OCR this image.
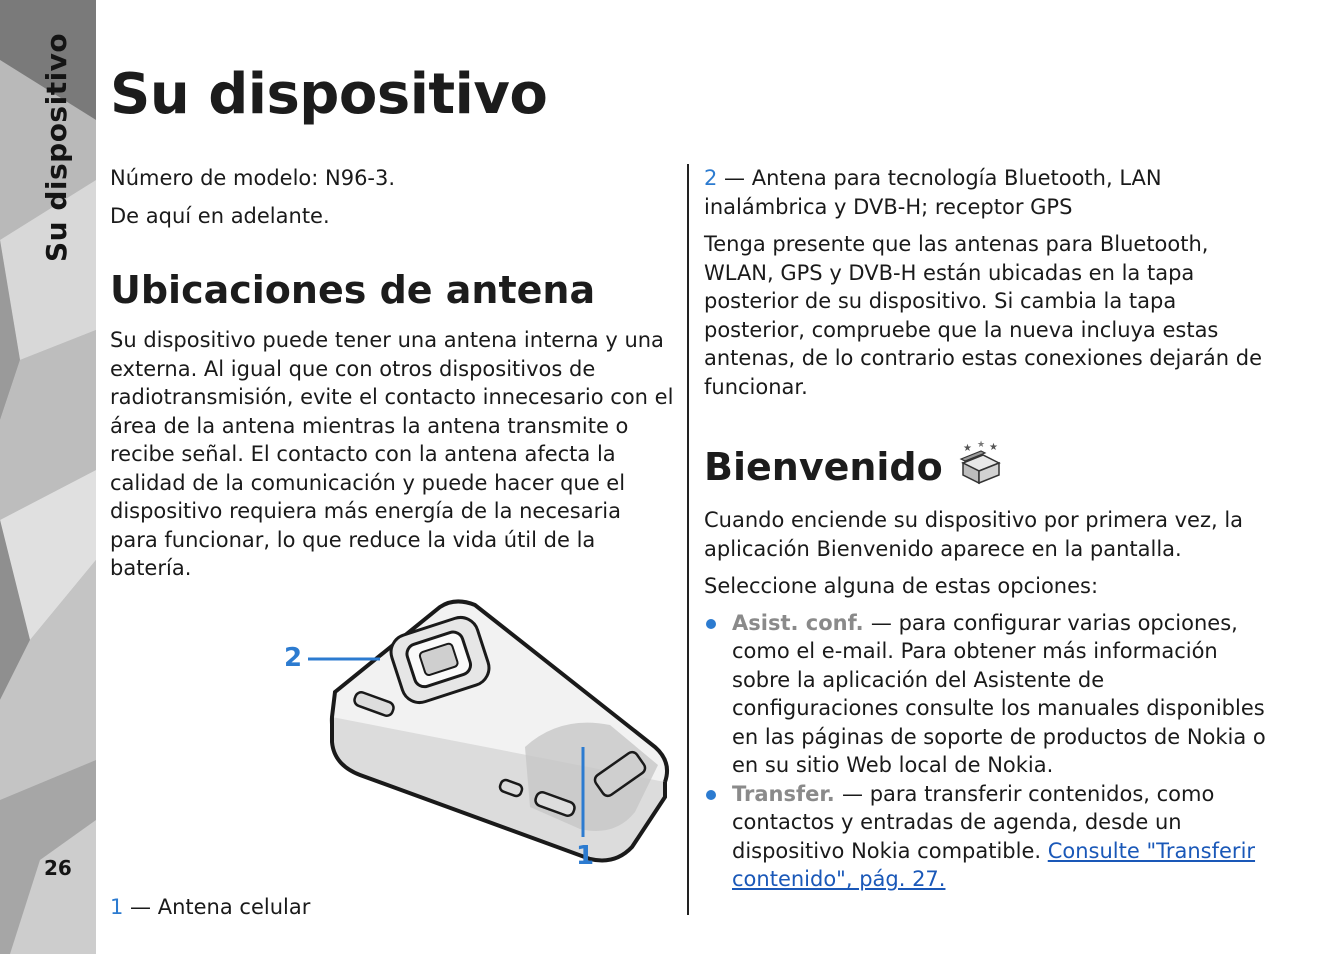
Su dispositivo
26
Su dispositivo

Número de modelo: N96-3.

De aquí en adelante.

Ubicaciones de antena

Su dispositivo puede tener una antena interna y una externa. Al igual que con otros dispositivos de radiotransmisión, evite el contacto innecesario con el área de la antena mientras la antena transmite o recibe señal. El contacto con la antena afecta la calidad de la comunicación y puede hacer que el dispositivo requiera más energía de la necesaria para funcionar, lo que reduce la vida útil de la batería.

2
1

1 — Antena celular

2 — Antena para tecnología Bluetooth, LAN inalámbrica y DVB-H; receptor GPS

Tenga presente que las antenas para Bluetooth, WLAN, GPS y DVB-H están ubicadas en la tapa posterior de su dispositivo. Si cambia la tapa posterior, compruebe que la nueva incluya estas antenas, de lo contrario estas conexiones dejarán de funcionar.

Bienvenido ★ ★ ★

Cuando enciende su dispositivo por primera vez, la aplicación Bienvenido aparece en la pantalla.

Seleccione alguna de estas opciones:

Asist. conf. — para configurar varias opciones, como el e-mail. Para obtener más información sobre la aplicación del Asistente de configuraciones consulte los manuales disponibles en las páginas de soporte de productos de Nokia o en su sitio Web local de Nokia.
Transfer. — para transferir contenidos, como contactos y entradas de agenda, desde un dispositivo Nokia compatible. Consulte "Transferir contenido", pág. 27.
